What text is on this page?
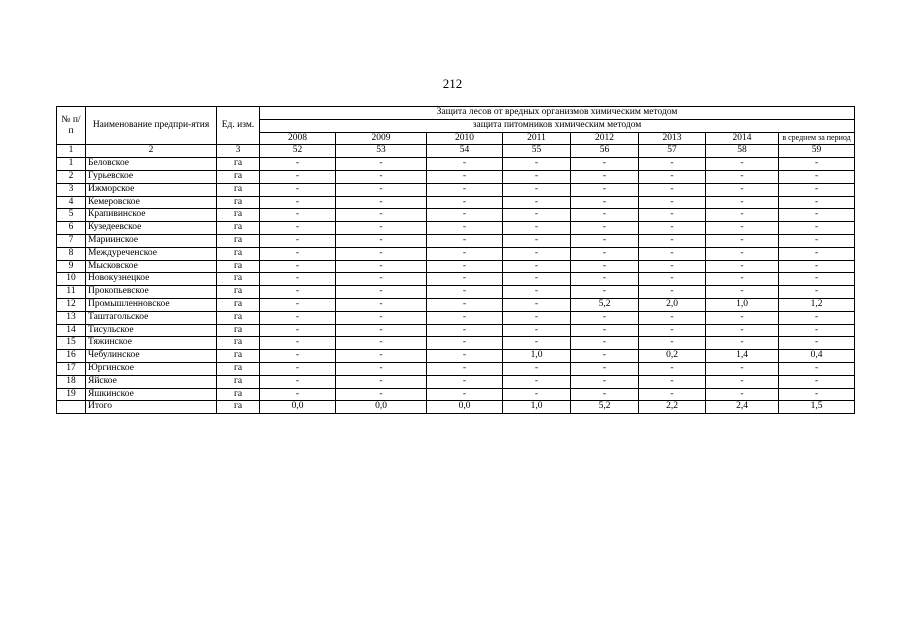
212
№ п/п	Наименование предпри-ятия	Ед. изм.	Защита лесов от вредных организмов химическим методом							
			защита питомников химическим методом							
			2008	2009	2010	2011	2012	2013	2014	в среднем за период
1	2	3	52	53	54	55	56	57	58	59
1	Беловское	га	-	-	-	-	-	-	-	-
2	Гурьевское	га	-	-	-	-	-	-	-	-
3	Ижморское	га	-	-	-	-	-	-	-	-
4	Кемеровское	га	-	-	-	-	-	-	-	-
5	Крапивинское	га	-	-	-	-	-	-	-	-
6	Кузедеевское	га	-	-	-	-	-	-	-	-
7	Мариинское	га	-	-	-	-	-	-	-	-
8	Междуреченское	га	-	-	-	-	-	-	-	-
9	Мысковское	га	-	-	-	-	-	-	-	-
10	Новокузнецкое	га	-	-	-	-	-	-	-	-
11	Прокопьевское	га	-	-	-	-	-	-	-	-
12	Промышленновское	га	-	-	-	-	5,2	2,0	1,0	1,2
13	Таштагольское	га	-	-	-	-	-	-	-	-
14	Тисульское	га	-	-	-	-	-	-	-	-
15	Тяжинское	га	-	-	-	-	-	-	-	-
16	Чебулинское	га	-	-	-	1,0	-	0,2	1,4	0,4
17	Юргинское	га	-	-	-	-	-	-	-	-
18	Яйское	га	-	-	-	-	-	-	-	-
19	Яшкинское	га	-	-	-	-	-	-	-	-
	Итого	га	0,0	0,0	0,0	1,0	5,2	2,2	2,4	1,5
